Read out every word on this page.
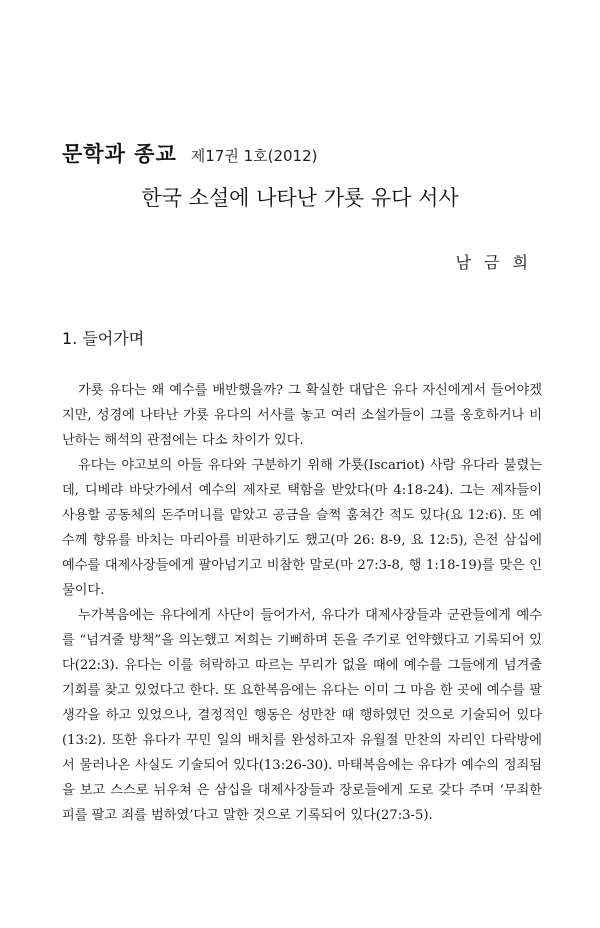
문학과 종교 제17권 1호(2012)
한국 소설에 나타난 가룟 유다 서사
남 금 희
1. 들어가며

가룟 유다는 왜 예수를 배반했을까? 그 확실한 대답은 유다 자신에게서 들어야겠지만, 성경에 나타난 가룟 유다의 서사를 놓고 여러 소설가들이 그를 옹호하거나 비난하는 해석의 관점에는 다소 차이가 있다.

유다는 야고보의 아들 유다와 구분하기 위해 가룟(Iscariot) 사람 유다라 불렸는데, 디베랴 바닷가에서 예수의 제자로 택함을 받았다(마 4:18-24). 그는 제자들이 사용할 공동체의 돈주머니를 맡았고 공금을 슬쩍 훔쳐간 적도 있다(요 12:6). 또 예수께 향유를 바치는 마리아를 비판하기도 했고(마 26: 8-9, 요 12:5), 은전 삼십에 예수를 대제사장들에게 팔아넘기고 비참한 말로(마 27:3-8, 행 1:18-19)를 맞은 인물이다.

누가복음에는 유다에게 사단이 들어가서, 유다가 대제사장들과 군관들에게 예수를 “넘겨줄 방책”을 의논했고 저희는 기뻐하며 돈을 주기로 언약했다고 기록되어 있다(22:3). 유다는 이를 허락하고 따르는 무리가 없을 때에 예수를 그들에게 넘겨줄 기회를 찾고 있었다고 한다. 또 요한복음에는 유다는 이미 그 마음 한 곳에 예수를 팔 생각을 하고 있었으나, 결정적인 행동은 성만찬 때 행하였던 것으로 기술되어 있다(13:2). 또한 유다가 꾸민 일의 배치를 완성하고자 유월절 만찬의 자리인 다락방에서 물러나온 사실도 기술되어 있다(13:26-30). 마태복음에는 유다가 예수의 정죄됨을 보고 스스로 뉘우쳐 은 삼십을 대제사장들과 장로들에게 도로 갖다 주며 ‘무죄한 피를 팔고 죄를 범하였’다고 말한 것으로 기록되어 있다(27:3-5).
